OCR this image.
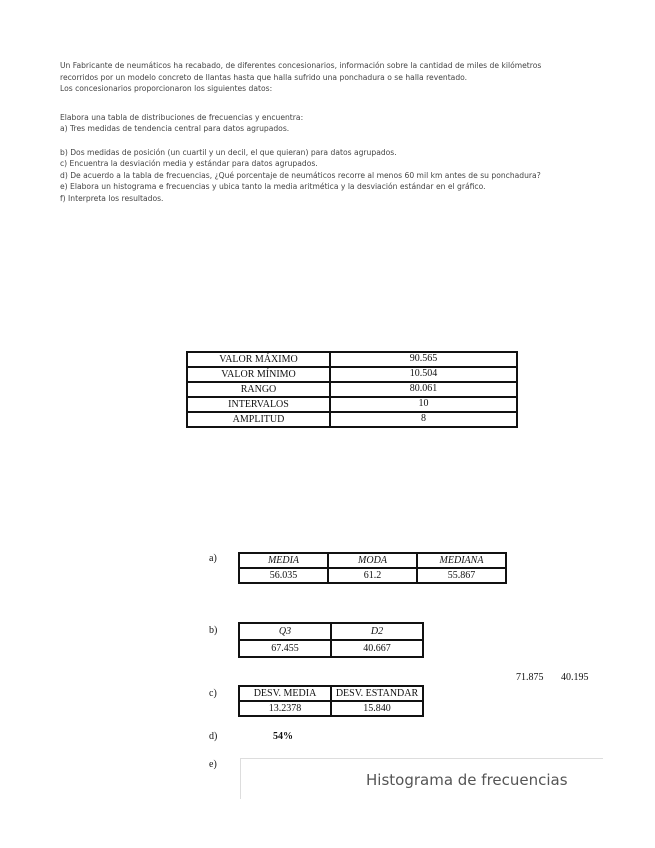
Un Fabricante de neumáticos ha recabado, de diferentes concesionarios, información sobre la cantidad de miles de kilómetros recorridos por un modelo concreto de llantas hasta que halla sufrido una ponchadura o se halla reventado.

Los concesionarios proporcionaron los siguientes datos:

Elabora una tabla de distribuciones de frecuencias y encuentra:

a) Tres medidas de tendencia central para datos agrupados.

b) Dos medidas de posición (un cuartil y un decil, el que quieran) para datos agrupados.

c) Encuentra la desviación media y estándar para datos agrupados.

d) De acuerdo a la tabla de frecuencias, ¿Qué porcentaje de neumáticos recorre al menos 60 mil km antes de su ponchadura?

e) Elabora un histograma e frecuencias y ubica tanto la media aritmética y la desviación estándar en el gráfico.

f) Interpreta los resultados.

VALOR MÁXIMO	90.565
VALOR MÍNIMO	10.504
RANGO	80.061
INTERVALOS	10
AMPLITUD	8
a)	MEDIA	MODA	MEDIANA
56.035	61.2	55.867
b)	Q3	D2
67.455	40.667
71.875 40.195
c)	DESV. MEDIA	DESV. ESTANDAR
13.2378	15.840
d)	54%
e)
Histograma de frecuencias
